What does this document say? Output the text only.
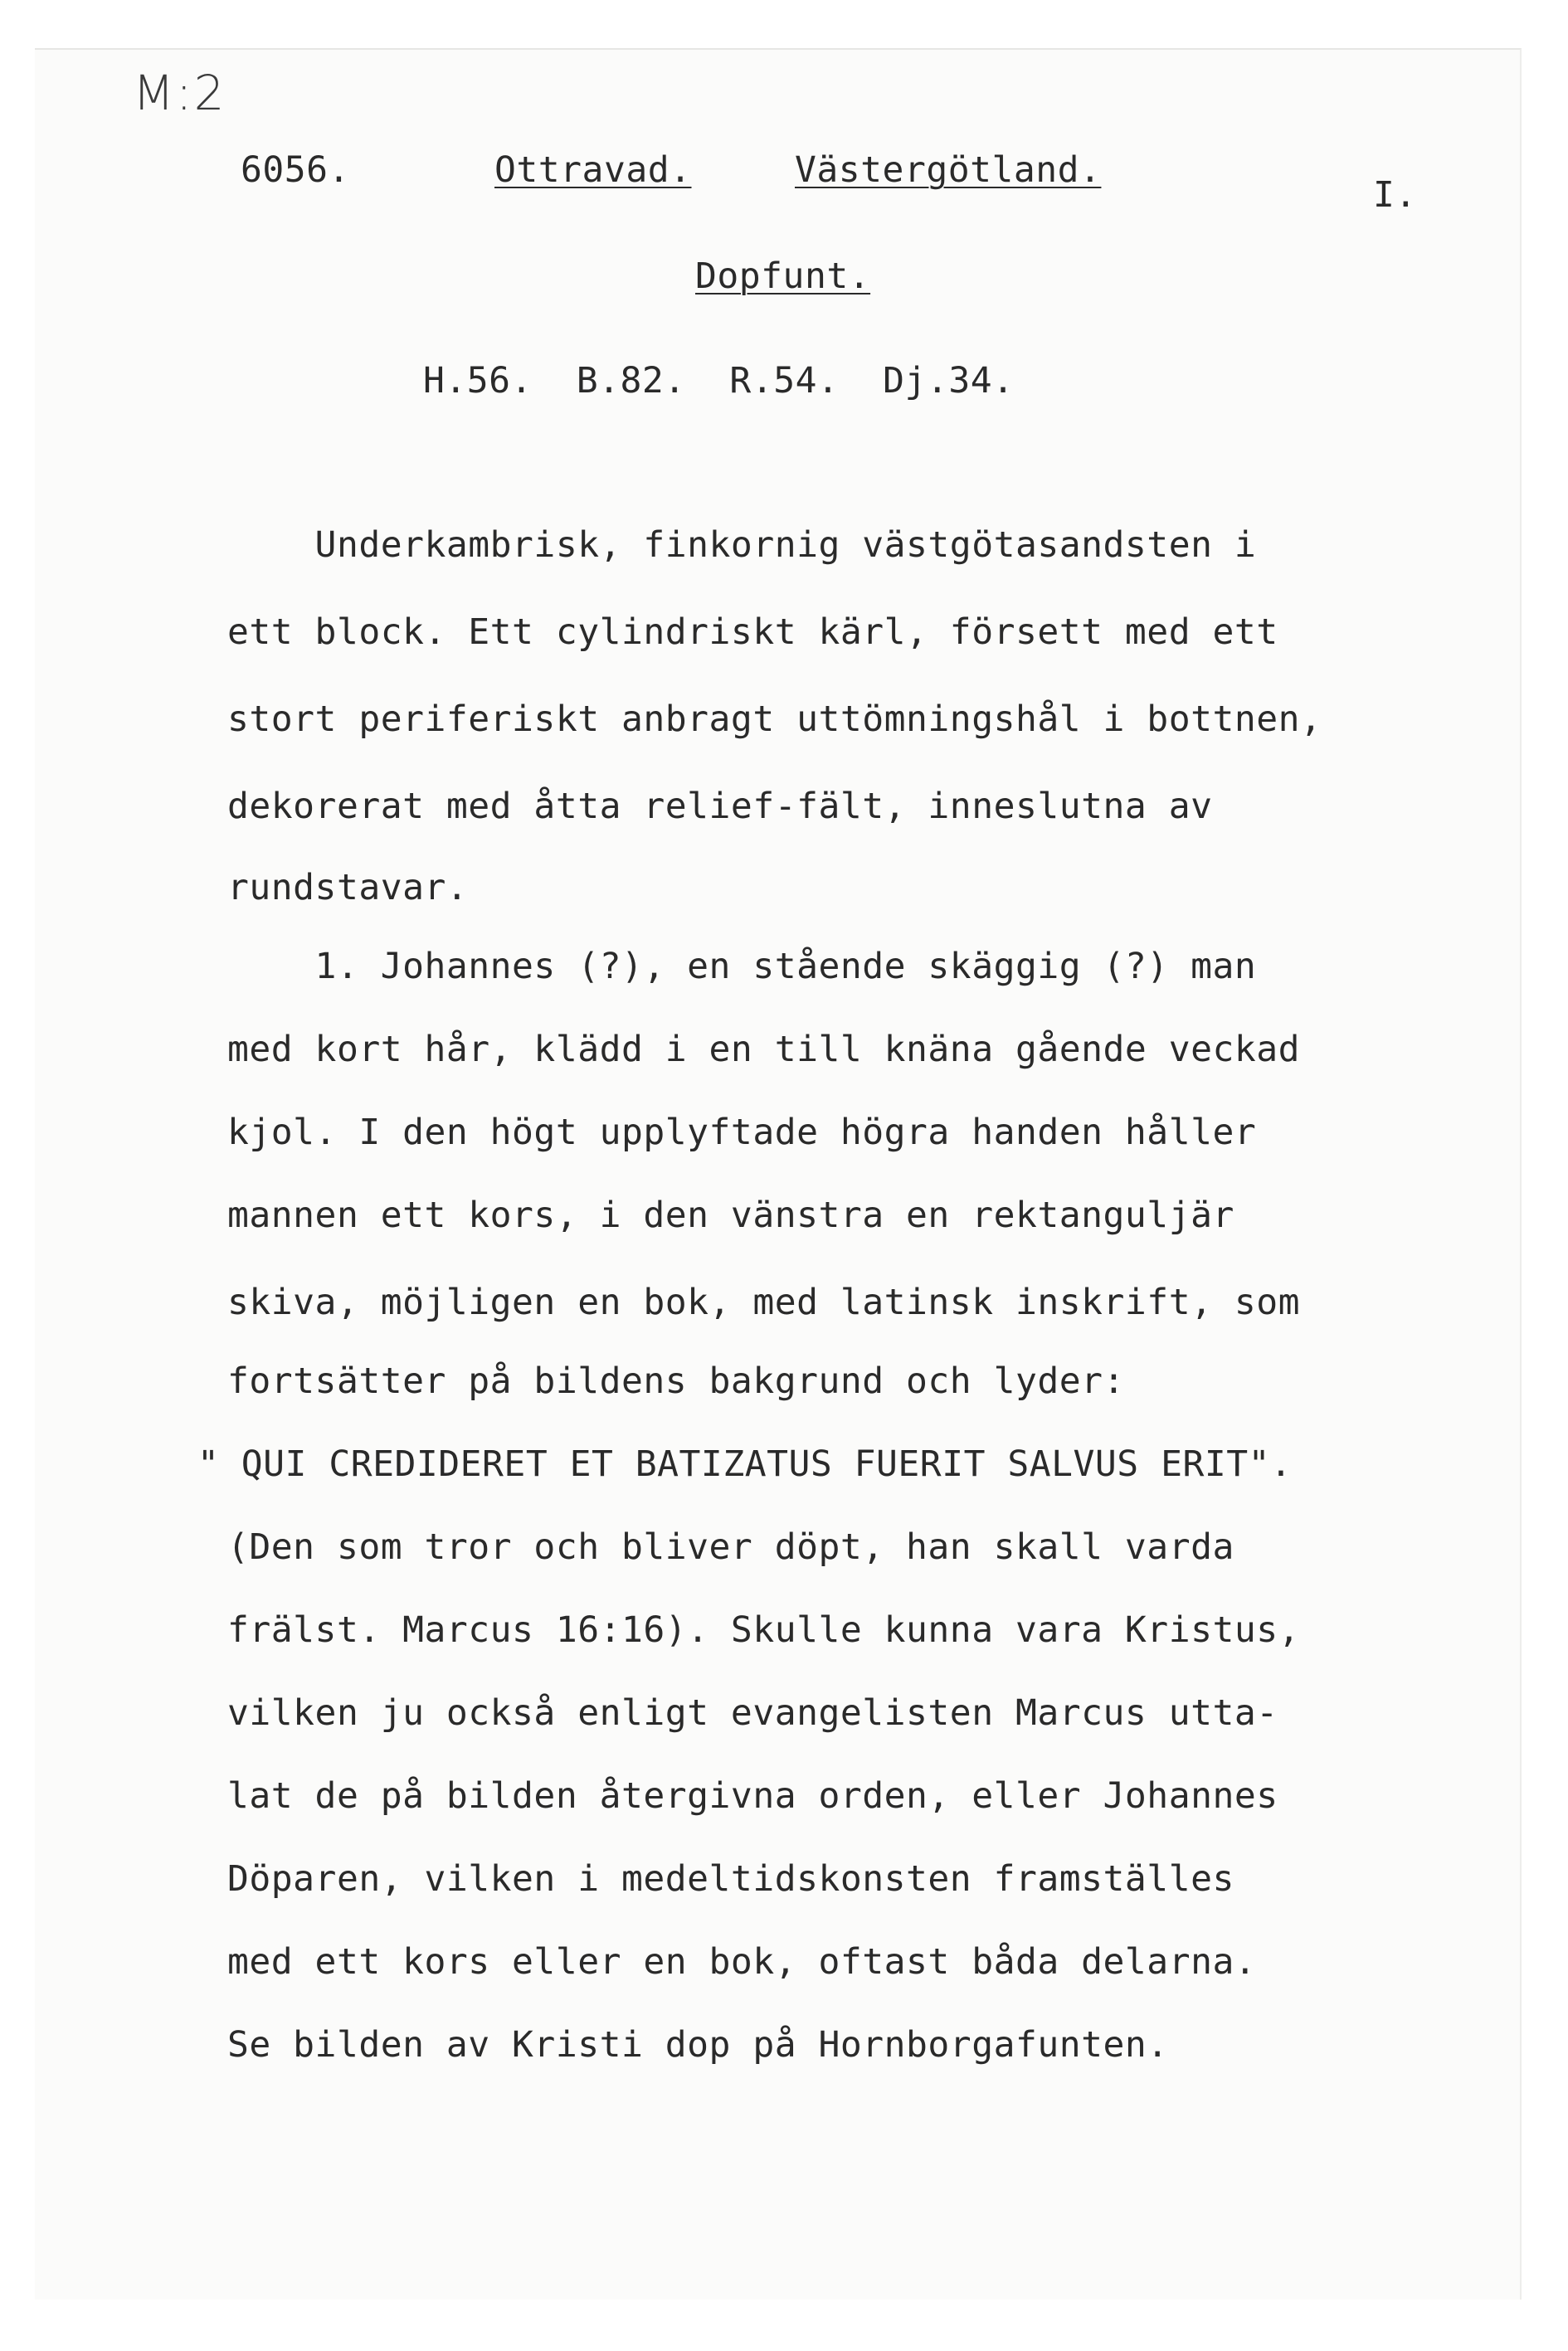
M:2
6056.	Ottravad.	Västergötland.
I.
Dopfunt.
H.56.  B.82.  R.54.  Dj.34.
Underkambrisk, finkornig västgötasandsten i
ett block. Ett cylindriskt kärl, försett med ett
stort periferiskt anbragt uttömningshål i bottnen,
dekorerat med åtta relief-fält, inneslutna av
rundstavar.
1. Johannes (?), en stående skäggig (?) man
med kort hår, klädd i en till knäna gående veckad
kjol. I den högt upplyftade högra handen håller
mannen ett kors, i den vänstra en rektanguljär
skiva, möjligen en bok, med latinsk inskrift, som
fortsätter på bildens bakgrund och lyder:
" QUI CREDIDERET ET BATIZATUS FUERIT SALVUS ERIT".
(Den som tror och bliver döpt, han skall varda
frälst. Marcus 16:16). Skulle kunna vara Kristus,
vilken ju också enligt evangelisten Marcus utta-
lat de på bilden återgivna orden, eller Johannes
Döparen, vilken i medeltidskonsten framställes
med ett kors eller en bok, oftast båda delarna.
Se bilden av Kristi dop på Hornborgafunten.
